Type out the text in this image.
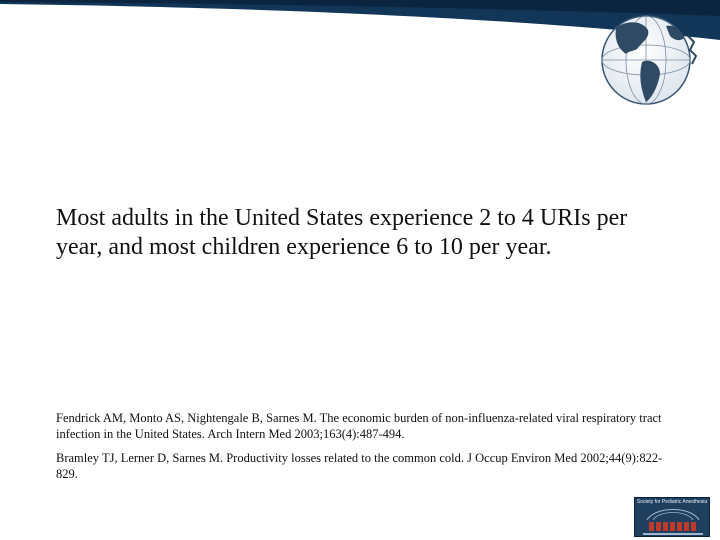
Most adults in the United States experience 2 to 4 URIs per year, and most children experience 6 to 10 per year.

Fendrick AM, Monto AS, Nightengale B, Sarnes M. The economic burden of non-influenza-related viral respiratory tract infection in the United States. Arch Intern Med 2003;163(4):487-494.

Bramley TJ, Lerner D, Sarnes M. Productivity losses related to the common cold. J Occup Environ Med 2002;44(9):822-829.

Society for Pediatric Anesthesia
